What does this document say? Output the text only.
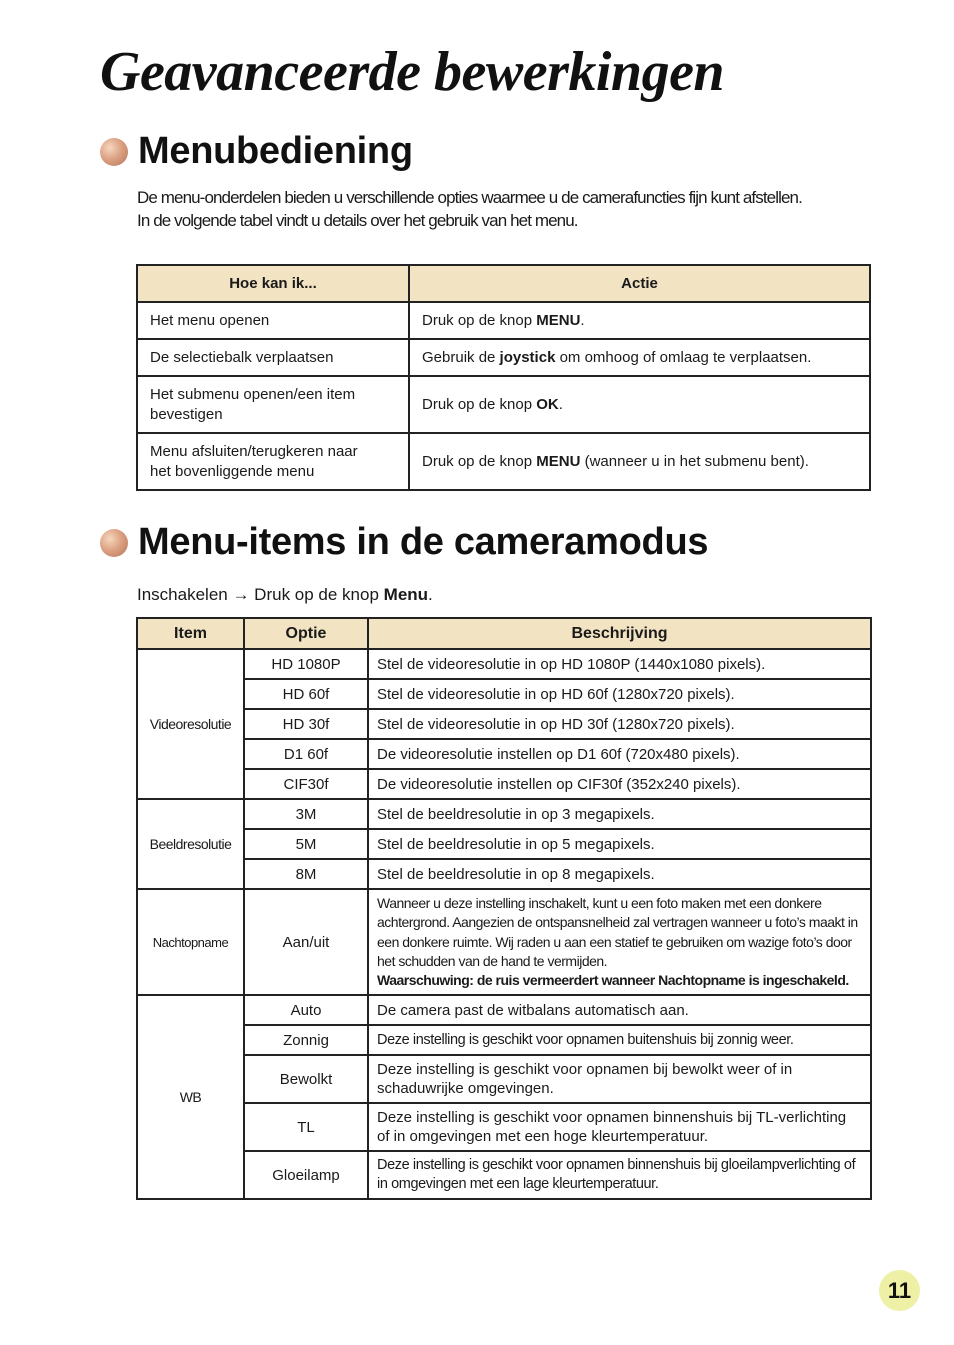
Geavanceerde bewerkingen
Menubediening

De menu-onderdelen bieden u verschillende opties waarmee u de camerafuncties fijn kunt afstellen.

In de volgende tabel vindt u details over het gebruik van het menu.

Hoe kan ik...	Actie
Het menu openen	Druk op de knop MENU.
De selectiebalk verplaatsen	Gebruik de joystick om omhoog of omlaag te verplaatsen.
Het submenu openen/een item bevestigen	Druk op de knop OK.
Menu afsluiten/terugkeren naar het bovenliggende menu	Druk op de knop MENU (wanneer u in het submenu bent).
Menu-items in de cameramodus
Inschakelen → Druk op de knop Menu.
Item	Optie	Beschrijving
Videoresolutie	HD 1080P	Stel de videoresolutie in op HD 1080P (1440x1080 pixels).
	HD 60f	Stel de videoresolutie in op HD 60f (1280x720 pixels).
	HD 30f	Stel de videoresolutie in op HD 30f (1280x720 pixels).
	D1 60f	De videoresolutie instellen op D1 60f (720x480 pixels).
	CIF30f	De videoresolutie instellen op CIF30f (352x240 pixels).
Beeldresolutie	3M	Stel de beeldresolutie in op 3 megapixels.
	5M	Stel de beeldresolutie in op 5 megapixels.
	8M	Stel de beeldresolutie in op 8 megapixels.
Nachtopname	Aan/uit	Wanneer u deze instelling inschakelt, kunt u een foto maken met een donkere achtergrond. Aangezien de ontspansnelheid zal vertragen wanneer u foto’s maakt in een donkere ruimte. Wij raden u aan een statief te gebruiken om wazige foto’s door het schudden van de hand te vermijden.
Waarschuwing: de ruis vermeerdert wanneer Nachtopname is ingeschakeld.

WB	Auto	De camera past de witbalans automatisch aan.
	Zonnig	Deze instelling is geschikt voor opnamen buitenshuis bij zonnig weer.
	Bewolkt	Deze instelling is geschikt voor opnamen bij bewolkt weer of in schaduwrijke omgevingen.
	TL	Deze instelling is geschikt voor opnamen binnenshuis bij TL-verlichting of in omgevingen met een hoge kleurtemperatuur.
	Gloeilamp	Deze instelling is geschikt voor opnamen binnenshuis bij gloeilampverlichting of in omgevingen met een lage kleurtemperatuur.
11
